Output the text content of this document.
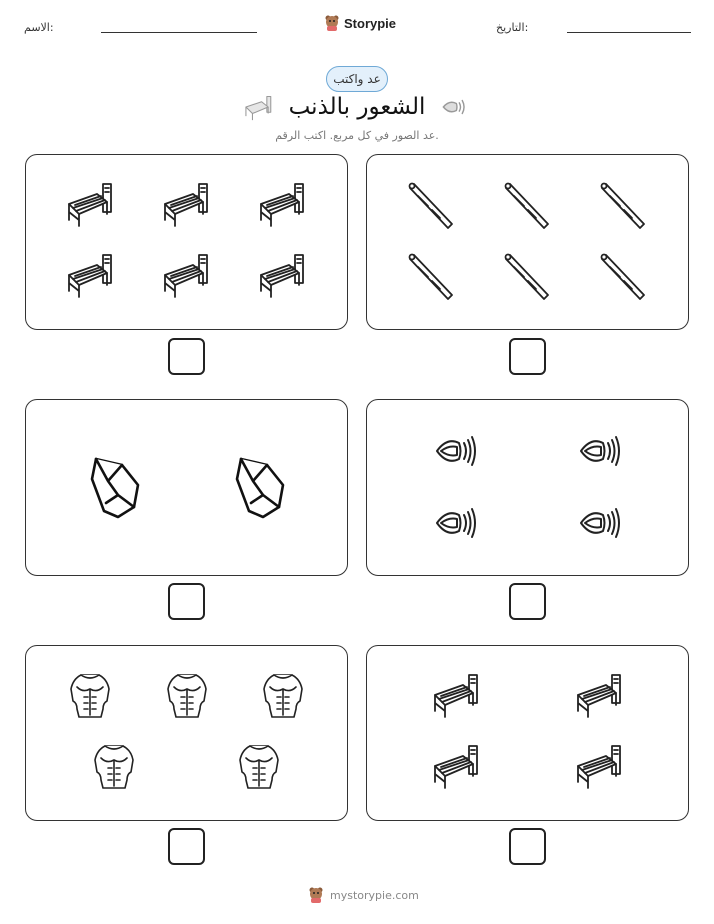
الاسم:	Storypie	التاريخ:
عد واكتب
الشعور بالذنب
عد الصور في كل مربع. اكتب الرقم.
mystorypie.com
